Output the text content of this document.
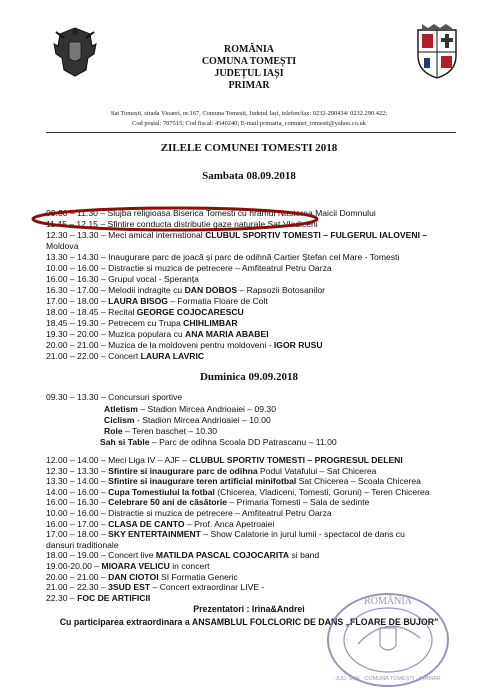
ROMÂNIA
COMUNA TOMEȘTI
JUDEȚUL IAȘI
PRIMAR
Sat Tomești, strada Vioarei, nr.167, Comuna Tomești, Județul Iași, telefon/fax: 0232-290434/ 0232.290.422;
Cod poștal: 707515; Cod fiscal: 4540240; E-mail:primaria_comunei_tomesti@yahoo.co.uk
ZILELE COMUNEI TOMESTI 2018
Sambata 08.09.2018
09.30 – 11.30 – Slujba religioasa Biserica Tomesti cu hramul Nasterea Maicii Domnului
11.45 – 12.15 – Sfintire conducta distributie gaze naturale Sat Vladiceni
12.30 – 13.30 – Meci amical international CLUBUL SPORTIV TOMESTI – FULGERUL IALOVENI –
Moldova
13.30 – 14.30 – Inaugurare parc de joacă și parc de odihnă Cartier Ștefan cel Mare - Tomesti
10.00 – 16.00 – Distractie si muzica de petrecere – Amfiteatrul Petru Oarza
16.00 – 16.30 – Grupul vocal - Speranța
16.30 – 17.00 – Melodii indragite cu DAN DOBOS – Rapsozii Botosanilor
17.00 – 18.00 – LAURA BISOG – Formatia Floare de Colt
18.00 – 18.45 – Recital GEORGE COJOCARESCU
18.45 – 19.30 – Petrecem cu Trupa CHIHLIMBAR
19.30 – 20.00 – Muzica populara cu ANA MARIA ABABEI
20.00 – 21.00 – Muzica de la moldoveni pentru moldoveni - IGOR RUSU
21.00 – 22.00 – Concert LAURA LAVRIC
Duminica 09.09.2018
09.30 – 13.30 – Concursuri sportive
Atletism – Stadion Mircea Andrioaiei – 09.30
Ciclism - Stadion Mircea Andrioaiei – 10.00
Role – Teren baschet – 10.30
Sah si Table – Parc de odihna Scoala DD Patrascanu – 11.00
12.00 – 14.00 – Meci Liga IV – AJF – CLUBUL SPORTIV TOMESTI – PROGRESUL DELENI
12.30 – 13.30 – Sfintire si inaugurare parc de odihna Podul Vatafului – Sat Chicerea
13.30 – 14.00 – Sfintire si inaugurare teren artificial minifotbal Sat Chicerea – Scoala Chicerea
14.00 – 16.00 – Cupa Tomestiului la fotbal (Chicerea, Vladiceni, Tomesti, Goruni) – Teren Chicerea
16.00 – 16.30 – Celebrare 50 ani de căsătorie – Primaria Tomesti – Sala de sedinte
10.00 – 16.00 – Distractie si muzica de petrecere – Amfiteatrul Petru Oarza
16.00 – 17.00 – CLASA DE CANTO – Prof. Anca Apetroaiei
17.00 – 18.00 – SKY ENTERTAINMENT – Show Calatorie in jurul lumii - spectacol de dans cu
dansuri traditionale
18.00 – 19.00 – Concert live MATILDA PASCAL COJOCARITA si band
19.00-20.00 – MIOARA VELICU in concert
20.00 – 21.00 – DAN CIOTOI SI Formatia Generic
21.00 – 22.30 – 3SUD EST – Concert extraordinar LIVE -
22.30 – FOC DE ARTIFICII
Prezentatori : Irina&Andrei
Cu participarea extraordinara a ANSAMBLUL FOLCLORIC DE DANS „FLOARE DE BUJOR"
ROMÂNIA
JUD. IAȘI · COMUNA TOMEȘTI · PRIMAR
